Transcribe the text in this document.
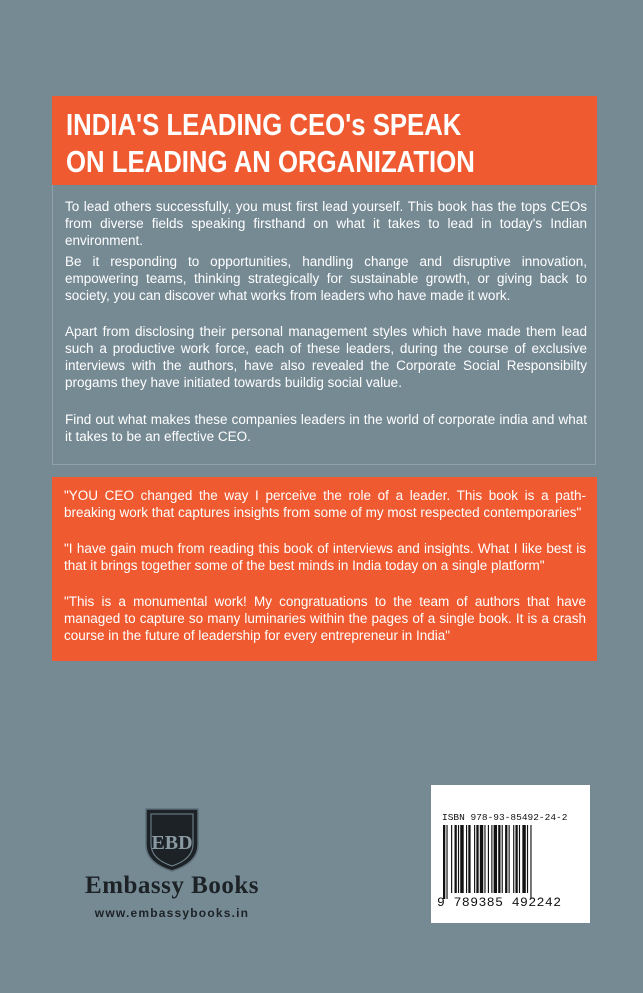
INDIA'S LEADING CEO's SPEAK
ON LEADING AN ORGANIZATION

To lead others successfully, you must first lead yourself. This book has the tops CEOs from diverse fields speaking firsthand on what it takes to lead in today's Indian environment.

Be it responding to opportunities, handling change and disruptive innovation, empowering teams, thinking strategically for sustainable growth, or giving back to society, you can discover what works from leaders who have made it work.

Apart from disclosing their personal management styles which have made them lead such a productive work force, each of these leaders, during the course of exclusive interviews with the authors, have also revealed the Corporate Social Responsibilty progams they have initiated towards buildig social value.

Find out what makes these companies leaders in the world of corporate india and what it takes to be an effective CEO.

"YOU CEO changed the way I perceive the role of a leader. This book is a path-breaking work that captures insights from some of my most respected contemporaries"

"I have gain much from reading this book of interviews and insights. What I like best is that it brings together some of the best minds in India today on a single platform"

"This is a monumental work! My congratuations to the team of authors that have managed to capture so many luminaries within the pages of a single book. It is a crash course in the future of leadership for every entrepreneur in India"

EBD
Embassy Books
www.embassybooks.in
ISBN 978-93-85492-24-2
9 789385 492242
